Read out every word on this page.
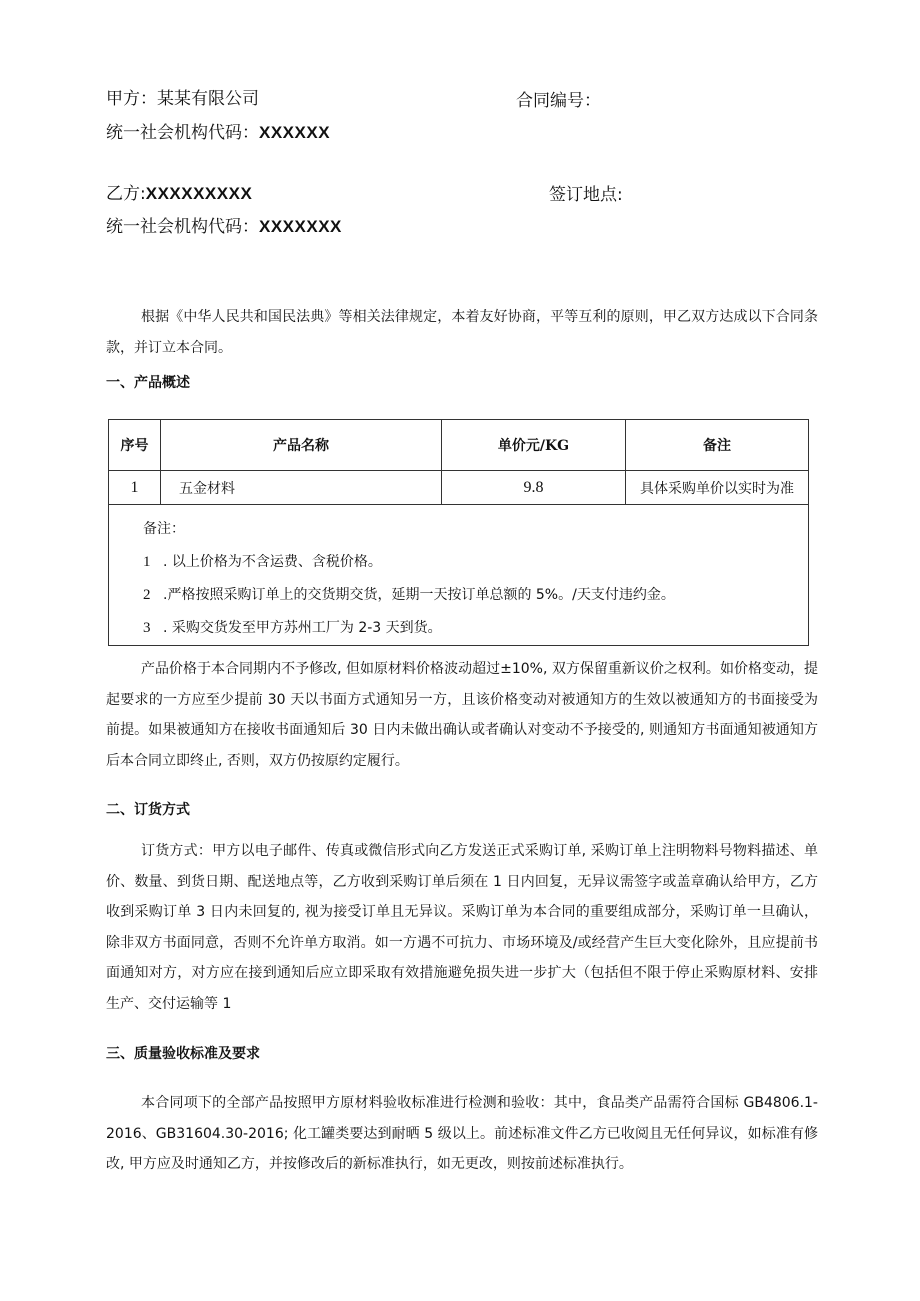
甲方：某某有限公司	合同编号：
统一社会机构代码：XXXXXX
乙方:XXXXXXXXX	签订地点:
统一社会机构代码：XXXXXXX
根据《中华人民共和国民法典》等相关法律规定，本着友好协商，平等互利的原则，甲乙双方达成以下合同条款，并订立本合同。
一、产品概述
序号	产品名称	单价元/KG	备注
1	五金材料	9.8	具体采购单价以实时为准

备注：
1 . 以上价格为不含运费、含税价格。
2 .严格按照采购订单上的交货期交货，延期一天按订单总额的 5%。/天支付违约金。
3 . 采购交货发至甲方苏州工厂为 2-3 天到货。			
产品价格于本合同期内不予修改, 但如原材料价格波动超过±10%, 双方保留重新议价之权利。如价格变动，提起要求的一方应至少提前 30 天以书面方式通知另一方，且该价格变动对被通知方的生效以被通知方的书面接受为前提。如果被通知方在接收书面通知后 30 日内未做出确认或者确认对变动不予接受的, 则通知方书面通知被通知方后本合同立即终止, 否则，双方仍按原约定履行。
二、订货方式
订货方式：甲方以电子邮件、传真或微信形式向乙方发送正式采购订单, 采购订单上注明物料号物料描述、单价、数量、到货日期、配送地点等，乙方收到采购订单后须在 1 日内回复，无异议需签字或盖章确认给甲方，乙方收到采购订单 3 日内未回复的, 视为接受订单且无异议。采购订单为本合同的重要组成部分，采购订单一旦确认，除非双方书面同意，否则不允许单方取消。如一方遇不可抗力、市场环境及/或经营产生巨大变化除外，且应提前书面通知对方，对方应在接到通知后应立即采取有效措施避免损失进一步扩大（包括但不限于停止采购原材料、安排生产、交付运输等 1
三、质量验收标准及要求
本合同项下的全部产品按照甲方原材料验收标准进行检测和验收：其中，食品类产品需符合国标 GB4806.1-2016、GB31604.30-2016; 化工罐类要达到耐晒 5 级以上。前述标准文件乙方已收阅且无任何异议，如标准有修改, 甲方应及时通知乙方，并按修改后的新标准执行，如无更改，则按前述标准执行。
